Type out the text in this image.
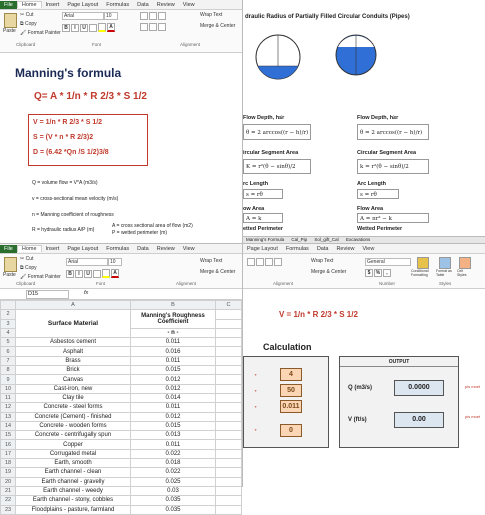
File	Home	Insert	Page Layout	Formulas	Data	Review	View
Paste
✂ Cut
⧉ Copy
🖌 Format Painter
Arial	10
B I U	A
Wrap Text
Merge & Center
Clipboard	Font	Alignment
Manning's formula
Q= A * 1/n * R 2/3 * S 1/2
V = 1/n * R 2/3 * S 1/2
S = (V * n * R 2/3)2
D = (6.42 *Qn /S 1/2)3/8
Q = volume flow = V*A (m3/s)
v = cross-sectional mean velocity (m/s)
n = Manning coefficient of roughness
R = hydraulic radius A/P (m)
A = cross sectional area of flow (m2)
P = wetted perimeter (m)
draulic Radius of Partially Filled Circular Conduits (Pipes)
Flow Depth, h≤r
θ = 2 arccos((r − h)/r)
ircular Segment Area
K = r²(θ − sinθ)/2
rc Length
s = rθ
ow Area
A = k
etted Perimeter
Flow Depth, h≥r
θ = 2 arccos((r − h)/r)
Circular Segment Area
k = r²(θ − sinθ)/2
Arc Length
s = rθ
Flow Area
A = πr² − k
Wetted Perimeter
Manning's Formula Cal_Pip Sol_gift_Cal Excavations
File	Home	Insert	Page Layout	Formulas	Data	Review	View
Paste
✂ Cut
⧉ Copy
🖌 Format Painter
Arial	10
B I U	A
Wrap Text
Merge & Center
Clipboard	Font	Alignment
D15	fx
	A	B	C
2	Surface Material	Manning's Roughness Coefficient	
3			
4		- n -	
5	Asbestos cement	0.011	
6	Asphalt	0.016	
7	Brass	0.011	
8	Brick	0.015	
9	Canvas	0.012	
10	Cast-iron, new	0.012	
11	Clay tile	0.014	
12	Concrete - steel forms	0.011	
13	Concrete (Cement) - finished	0.012	
14	Concrete - wooden forms	0.015	
15	Concrete - centrifugally spun	0.013	
16	Copper	0.011	
17	Corrugated metal	0.022	
18	Earth, smooth	0.018	
19	Earth channel - clean	0.022	
20	Earth channel - gravelly	0.025	
21	Earth channel - weedy	0.03	
22	Earth channel - stony, cobbles	0.035	
23	Floodplains - pasture, farmland	0.035	
Page Layout	Formulas	Data	Review	View
Wrap Text
Merge & Center
General
$ % ,	Conditional Formatting
Format as Table
Cell Styles
Alignment	Number	Styles
V = 1/n * R 2/3 * S 1/2
Calculation
∘
∘
∘
∘
4
50
0.011
0
OUTPUT
Q (m3/s)	0.0000
V (ft/s)	0.00
pis moet
pis moet
